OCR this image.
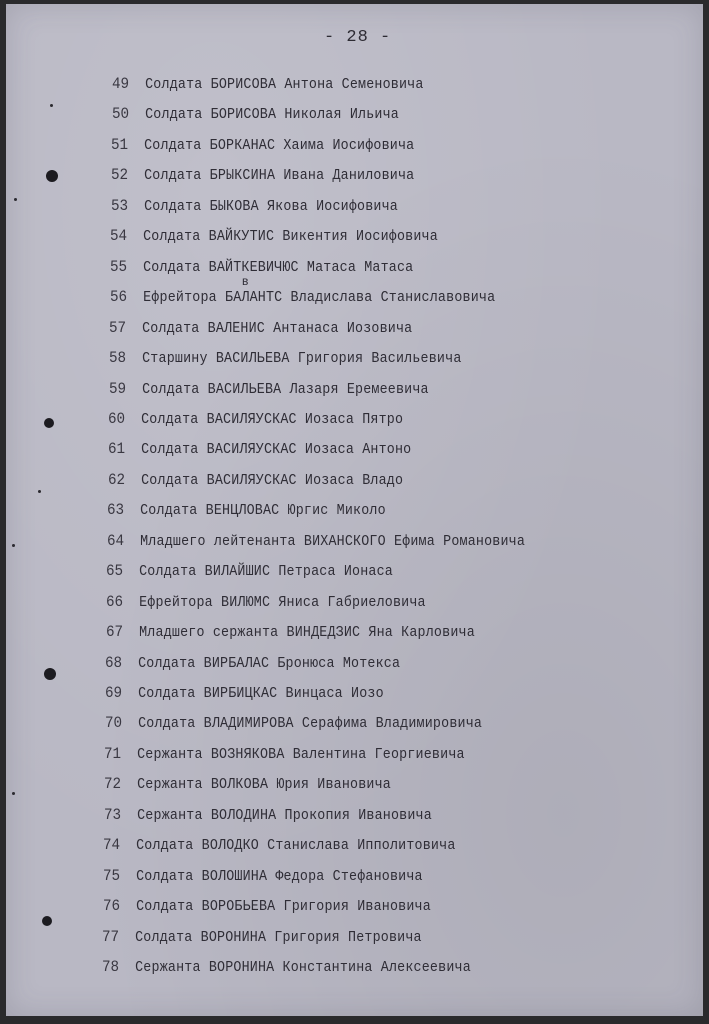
- 28 -
в
49 Солдата БОРИСОВА Антона Семеновича
50 Солдата БОРИСОВА Николая Ильича
51 Солдата БОРКАНАС Хаима Иосифовича
52 Солдата БРЫКСИНА Ивана Даниловича
53 Солдата БЫКОВА Якова Иосифовича
54 Солдата ВАЙКУТИС Викентия Иосифовича
55 Солдата ВАЙТКЕВИЧЮС Матаса Матаса
56 Ефрейтора БАЛАНТС Владислава Станиславовича
57 Солдата ВАЛЕНИС Антанаса Иозовича
58 Старшину ВАСИЛЬЕВА Григория Васильевича
59 Солдата ВАСИЛЬЕВА Лазаря Еремеевича
60 Солдата ВАСИЛЯУСКАС Иозаса Пятро
61 Солдата ВАСИЛЯУСКАС Иозаса Антоно
62 Солдата ВАСИЛЯУСКАС Иозаса Владо
63 Солдата ВЕНЦЛОВАС Юргис Миколо
64 Младшего лейтенанта ВИХАНСКОГО Ефима Романовича
65 Солдата ВИЛАЙШИС Петраса Ионаса
66 Ефрейтора ВИЛЮМС Яниса Габриеловича
67 Младшего сержанта ВИНДЕДЗИС Яна Карловича
68 Солдата ВИРБАЛАС Бронюса Мотекса
69 Солдата ВИРБИЦКАС Винцаса Иозо
70 Солдата ВЛАДИМИРОВА Серафима Владимировича
71 Сержанта ВОЗНЯКОВА Валентина Георгиевича
72 Сержанта ВОЛКОВА Юрия Ивановича
73 Сержанта ВОЛОДИНА Прокопия Ивановича
74 Солдата ВОЛОДКО Станислава Ипполитовича
75 Солдата ВОЛОШИНА Федора Стефановича
76 Солдата ВОРОБЬЕВА Григория Ивановича
77 Солдата ВОРОНИНА Григория Петровича
78 Сержанта ВОРОНИНА Константина Алексеевича
